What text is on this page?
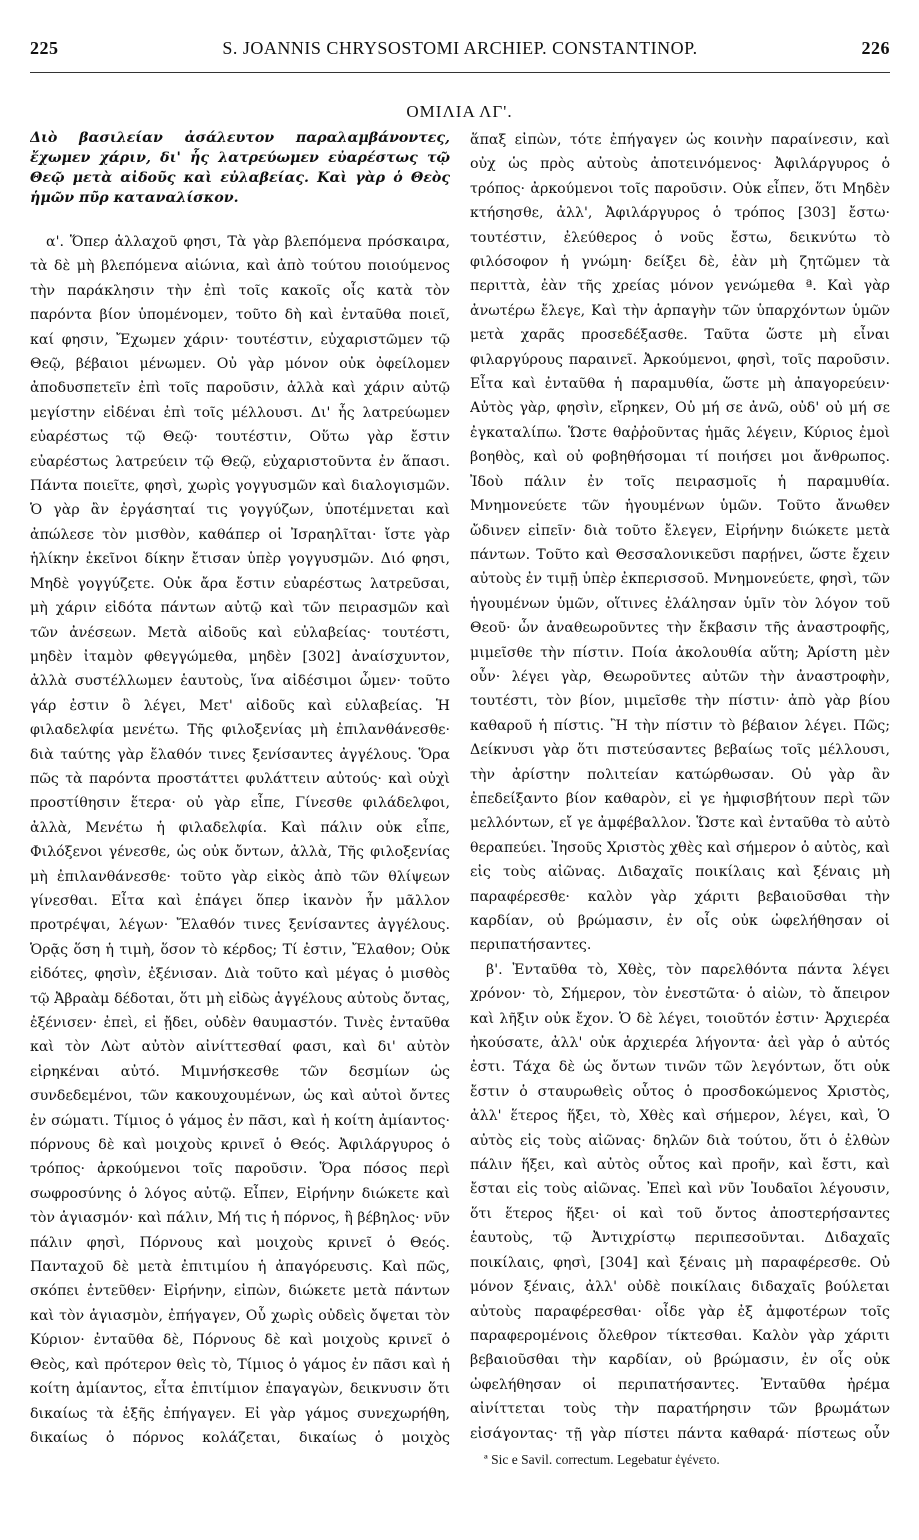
225	S. JOANNIS CHRYSOSTOMI ARCHIEP. CONSTANTINOP.	226
ΟΜΙΛΙΑ ΛΓ'.

Διὸ βασιλείαν ἀσάλευτον παραλαμβάνοντες, ἔχωμεν χάριν, δι' ἧς λατρεύωμεν εὐαρέστως τῷ Θεῷ μετὰ αἰδοῦς καὶ εὐλαβείας. Καὶ γὰρ ὁ Θεὸς ἡμῶν πῦρ καταναλίσκον.

α'. Ὅπερ ἀλλαχοῦ φησι, Τὰ γὰρ βλεπόμενα πρόσκαιρα, τὰ δὲ μὴ βλεπόμενα αἰώνια, καὶ ἀπὸ τούτου ποιούμενος τὴν παράκλησιν τὴν ἐπὶ τοῖς κακοῖς οἷς κατὰ τὸν παρόντα βίον ὑπομένομεν, τοῦτο δὴ καὶ ἐνταῦθα ποιεῖ, καί φησιν, Ἔχωμεν χάριν· τουτέστιν, εὐχαριστῶμεν τῷ Θεῷ, βέβαιοι μένωμεν. Οὐ γὰρ μόνον οὐκ ὀφείλομεν ἀποδυσπετεῖν ἐπὶ τοῖς παροῦσιν, ἀλλὰ καὶ χάριν αὐτῷ μεγίστην εἰδέναι ἐπὶ τοῖς μέλλουσι. Δι' ἧς λατρεύωμεν εὐαρέστως τῷ Θεῷ· τουτέστιν, Οὕτω γὰρ ἔστιν εὐαρέστως λατρεύειν τῷ Θεῷ, εὐχαριστοῦντα ἐν ἅπασι. Πάντα ποιεῖτε, φησὶ, χωρὶς γογγυσμῶν καὶ διαλογισμῶν. Ὁ γὰρ ἂν ἐργάσηταί τις γογγύζων, ὑποτέμνεται καὶ ἀπώλεσε τὸν μισθὸν, καθάπερ οἱ Ἰσραηλῖται· ἴστε γὰρ ἡλίκην ἐκεῖνοι δίκην ἔτισαν ὑπὲρ γογγυσμῶν. Διό φησι, Μηδὲ γογγύζετε. Οὐκ ἄρα ἔστιν εὐαρέστως λατρεῦσαι, μὴ χάριν εἰδότα πάντων αὐτῷ καὶ τῶν πειρασμῶν καὶ τῶν ἀνέσεων. Μετὰ αἰδοῦς καὶ εὐλαβείας· τουτέστι, μηδὲν ἰταμὸν φθεγγώμεθα, μηδὲν [302] ἀναίσχυντον, ἀλλὰ συστέλλωμεν ἑαυτοὺς, ἵνα αἰδέσιμοι ὦμεν· τοῦτο γάρ ἐστιν ὃ λέγει, Μετ' αἰδοῦς καὶ εὐλαβείας. Ἡ φιλαδελφία μενέτω. Τῆς φιλοξενίας μὴ ἐπιλανθάνεσθε· διὰ ταύτης γὰρ ἔλαθόν τινες ξενίσαντες ἀγγέλους. Ὅρα πῶς τὰ παρόντα προστάττει φυλάττειν αὐτούς· καὶ οὐχὶ προστίθησιν ἕτερα· οὐ γὰρ εἶπε, Γίνεσθε φιλάδελφοι, ἀλλὰ, Μενέτω ἡ φιλαδελφία. Καὶ πάλιν οὐκ εἶπε, Φιλόξενοι γένεσθε, ὡς οὐκ ὄντων, ἀλλὰ, Τῆς φιλοξενίας μὴ ἐπιλανθάνεσθε· τοῦτο γὰρ εἰκὸς ἀπὸ τῶν θλίψεων γίνεσθαι. Εἶτα καὶ ἐπάγει ὅπερ ἱκανὸν ἦν μᾶλλον προτρέψαι, λέγων· Ἔλαθόν τινες ξενίσαντες ἀγγέλους. Ὁρᾷς ὅση ἡ τιμὴ, ὅσον τὸ κέρδος; Τί ἐστιν, Ἔλαθον; Οὐκ εἰδότες, φησὶν, ἐξένισαν. Διὰ τοῦτο καὶ μέγας ὁ μισθὸς τῷ Ἀβραὰμ δέδοται, ὅτι μὴ εἰδὼς ἀγγέλους αὐτοὺς ὄντας, ἐξένισεν· ἐπεὶ, εἰ ᾔδει, οὐδὲν θαυμαστόν. Τινὲς ἐνταῦθα καὶ τὸν Λὼτ αὐτὸν αἰνίττεσθαί φασι, καὶ δι' αὐτὸν εἰρηκέναι αὐτό. Μιμνήσκεσθε τῶν δεσμίων ὡς συνδεδεμένοι, τῶν κακουχουμένων, ὡς καὶ αὐτοὶ ὄντες ἐν σώματι. Τίμιος ὁ γάμος ἐν πᾶσι, καὶ ἡ κοίτη ἀμίαντος· πόρνους δὲ καὶ μοιχοὺς κρινεῖ ὁ Θεός. Ἀφιλάργυρος ὁ τρόπος· ἀρκούμενοι τοῖς παροῦσιν. Ὅρα πόσος περὶ σωφροσύνης ὁ λόγος αὐτῷ. Εἶπεν, Εἰρήνην διώκετε καὶ τὸν ἁγιασμόν· καὶ πάλιν, Μή τις ἡ πόρνος, ἢ βέβηλος· νῦν πάλιν φησὶ, Πόρνους καὶ μοιχοὺς κρινεῖ ὁ Θεός. Πανταχοῦ δὲ μετὰ ἐπιτιμίου ἡ ἀπαγόρευσις. Καὶ πῶς, σκόπει ἐντεῦθεν· Εἰρήνην, εἰπὼν, διώκετε μετὰ πάντων καὶ τὸν ἁγιασμὸν, ἐπήγαγεν, Οὗ χωρὶς οὐδεὶς ὄψεται τὸν Κύριον· ἐνταῦθα δὲ, Πόρνους δὲ καὶ μοιχοὺς κρινεῖ ὁ Θεὸς, καὶ πρότερον θεὶς τὸ, Τίμιος ὁ γάμος ἐν πᾶσι καὶ ἡ κοίτη ἀμίαντος, εἶτα ἐπιτίμιον ἐπαγαγὼν, δεικνυσιν ὅτι δικαίως τὰ ἑξῆς ἐπήγαγεν. Εἰ γὰρ γάμος συνεχωρήθη, δικαίως ὁ πόρνος κολάζεται, δικαίως ὁ μοιχὸς

ἅπαξ εἰπὼν, τότε ἐπήγαγεν ὡς κοινὴν παραίνεσιν, καὶ οὐχ ὡς πρὸς αὐτοὺς ἀποτεινόμενος· Ἀφιλάργυρος ὁ τρόπος· ἀρκούμενοι τοῖς παροῦσιν. Οὐκ εἶπεν, ὅτι Μηδὲν κτήσησθε, ἀλλ', Ἀφιλάργυρος ὁ τρόπος [303] ἔστω· τουτέστιν, ἐλεύθερος ὁ νοῦς ἔστω, δεικνύτω τὸ φιλόσοφον ἡ γνώμη· δείξει δὲ, ἐὰν μὴ ζητῶμεν τὰ περιττὰ, ἐὰν τῆς χρείας μόνον γενώμεθα ª. Καὶ γὰρ ἀνωτέρω ἔλεγε, Καὶ τὴν ἁρπαγὴν τῶν ὑπαρχόντων ὑμῶν μετὰ χαρᾶς προσεδέξασθε. Ταῦτα ὥστε μὴ εἶναι φιλαργύρους παραινεῖ. Ἀρκούμενοι, φησὶ, τοῖς παροῦσιν. Εἶτα καὶ ἐνταῦθα ἡ παραμυθία, ὥστε μὴ ἀπαγορεύειν· Αὐτὸς γὰρ, φησὶν, εἴρηκεν, Οὐ μή σε ἀνῶ, οὐδ' οὐ μή σε ἐγκαταλίπω. Ὥστε θαῤῥοῦντας ἡμᾶς λέγειν, Κύριος ἐμοὶ βοηθὸς, καὶ οὐ φοβηθήσομαι τί ποιήσει μοι ἄνθρωπος. Ἰδοὺ πάλιν ἐν τοῖς πειρασμοῖς ἡ παραμυθία. Μνημονεύετε τῶν ἡγουμένων ὑμῶν. Τοῦτο ἄνωθεν ὤδινεν εἰπεῖν· διὰ τοῦτο ἔλεγεν, Εἰρήνην διώκετε μετὰ πάντων. Τοῦτο καὶ Θεσσαλονικεῦσι παρῄνει, ὥστε ἔχειν αὐτοὺς ἐν τιμῇ ὑπὲρ ἐκπερισσοῦ. Μνημονεύετε, φησὶ, τῶν ἡγουμένων ὑμῶν, οἵτινες ἐλάλησαν ὑμῖν τὸν λόγον τοῦ Θεοῦ· ὧν ἀναθεωροῦντες τὴν ἔκβασιν τῆς ἀναστροφῆς, μιμεῖσθε τὴν πίστιν. Ποία ἀκολουθία αὕτη; Ἀρίστη μὲν οὖν· λέγει γὰρ, Θεωροῦντες αὐτῶν τὴν ἀναστροφὴν, τουτέστι, τὸν βίον, μιμεῖσθε τὴν πίστιν· ἀπὸ γὰρ βίου καθαροῦ ἡ πίστις. Ἢ τὴν πίστιν τὸ βέβαιον λέγει. Πῶς; Δείκνυσι γὰρ ὅτι πιστεύσαντες βεβαίως τοῖς μέλλουσι, τὴν ἀρίστην πολιτείαν κατώρθωσαν. Οὐ γὰρ ἂν ἐπεδείξαντο βίον καθαρὸν, εἰ γε ἠμφισβήτουν περὶ τῶν μελλόντων, εἴ γε ἀμφέβαλλον. Ὥστε καὶ ἐνταῦθα τὸ αὐτὸ θεραπεύει. Ἰησοῦς Χριστὸς χθὲς καὶ σήμερον ὁ αὐτὸς, καὶ εἰς τοὺς αἰῶνας. Διδαχαῖς ποικίλαις καὶ ξέναις μὴ παραφέρεσθε· καλὸν γὰρ χάριτι βεβαιοῦσθαι τὴν καρδίαν, οὐ βρώμασιν, ἐν οἷς οὐκ ὠφελήθησαν οἱ περιπατήσαντες.

β'. Ἐνταῦθα τὸ, Χθὲς, τὸν παρελθόντα πάντα λέγει χρόνον· τὸ, Σήμερον, τὸν ἐνεστῶτα· ὁ αἰὼν, τὸ ἄπειρον καὶ λῆξιν οὐκ ἔχον. Ὁ δὲ λέγει, τοιοῦτόν ἐστιν· Ἀρχιερέα ἠκούσατε, ἀλλ' οὐκ ἀρχιερέα λήγοντα· ἀεὶ γὰρ ὁ αὐτός ἐστι. Τάχα δὲ ὡς ὄντων τινῶν τῶν λεγόντων, ὅτι οὐκ ἔστιν ὁ σταυρωθεὶς οὗτος ὁ προσδοκώμενος Χριστὸς, ἀλλ' ἕτερος ἥξει, τὸ, Χθὲς καὶ σήμερον, λέγει, καὶ, Ὁ αὐτὸς εἰς τοὺς αἰῶνας· δηλῶν διὰ τούτου, ὅτι ὁ ἐλθὼν πάλιν ἥξει, καὶ αὐτὸς οὗτος καὶ προῆν, καὶ ἔστι, καὶ ἔσται εἰς τοὺς αἰῶνας. Ἐπεὶ καὶ νῦν Ἰουδαῖοι λέγουσιν, ὅτι ἕτερος ἥξει· οἱ καὶ τοῦ ὄντος ἀποστερήσαντες ἑαυτοὺς, τῷ Ἀντιχρίστῳ περιπεσοῦνται. Διδαχαῖς ποικίλαις, φησὶ, [304] καὶ ξέναις μὴ παραφέρεσθε. Οὐ μόνον ξέναις, ἀλλ' οὐδὲ ποικίλαις διδαχαῖς βούλεται αὐτοὺς παραφέρεσθαι· οἶδε γὰρ ἐξ ἀμφοτέρων τοῖς παραφερομένοις ὄλεθρον τίκτεσθαι. Καλὸν γὰρ χάριτι βεβαιοῦσθαι τὴν καρδίαν, οὐ βρώμασιν, ἐν οἷς οὐκ ὠφελήθησαν οἱ περιπατήσαντες. Ἐνταῦθα ἠρέμα αἰνίττεται τοὺς τὴν παρατήρησιν τῶν βρωμάτων εἰσάγοντας· τῇ γὰρ πίστει πάντα καθαρά· πίστεως οὖν

ª Sic e Savil. correctum. Legebatur ἐγένετο.
